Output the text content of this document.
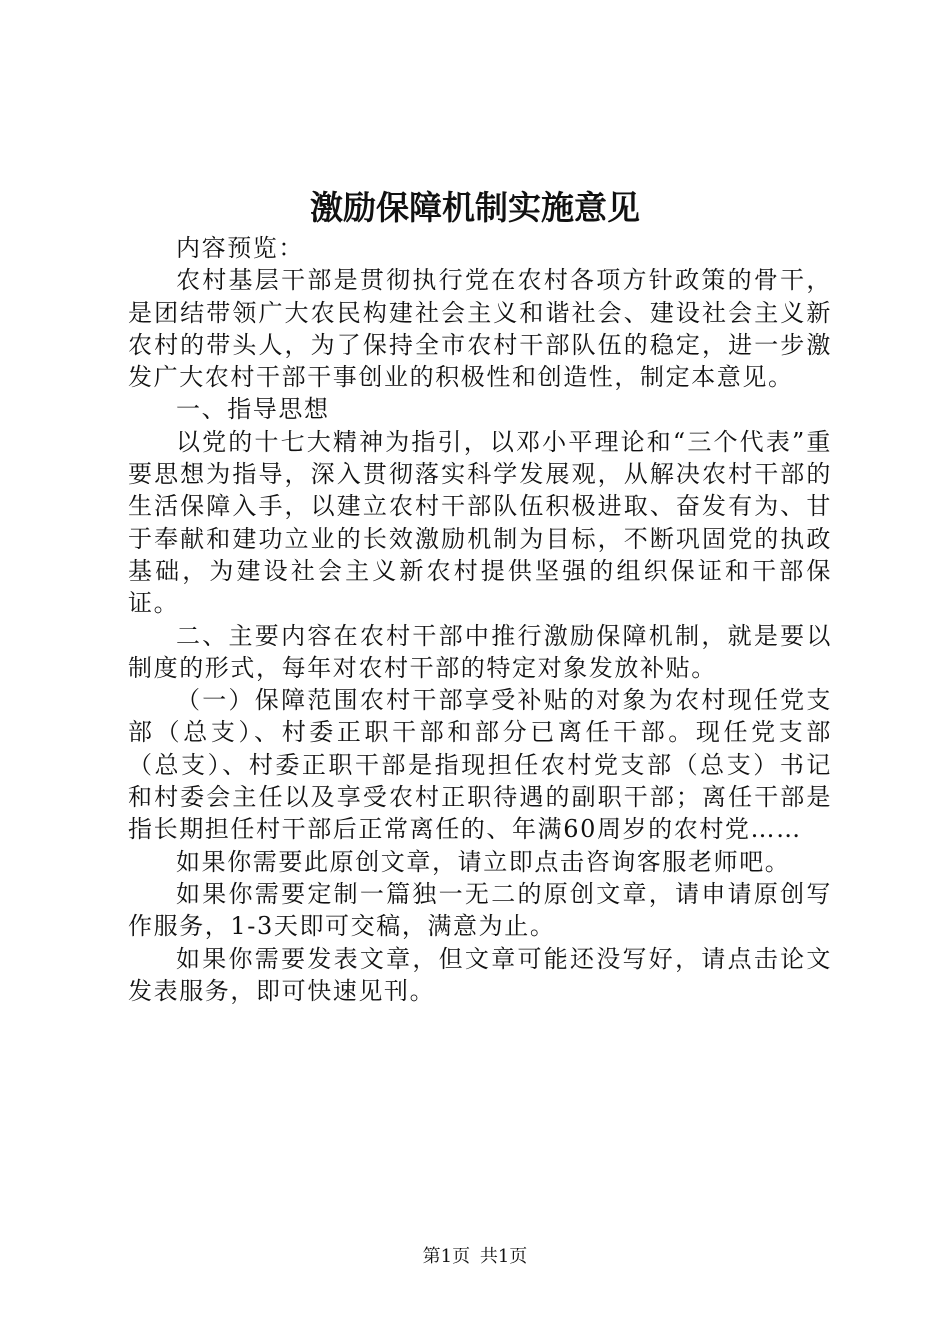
激励保障机制实施意见

内容预览：

农村基层干部是贯彻执行党在农村各项方针政策的骨干，是团结带领广大农民构建社会主义和谐社会、建设社会主义新农村的带头人，为了保持全市农村干部队伍的稳定，进一步激发广大农村干部干事创业的积极性和创造性，制定本意见。

一、指导思想

以党的十七大精神为指引，以邓小平理论和“三个代表”重要思想为指导，深入贯彻落实科学发展观，从解决农村干部的生活保障入手，以建立农村干部队伍积极进取、奋发有为、甘于奉献和建功立业的长效激励机制为目标，不断巩固党的执政基础，为建设社会主义新农村提供坚强的组织保证和干部保证。

二、主要内容在农村干部中推行激励保障机制，就是要以制度的形式，每年对农村干部的特定对象发放补贴。

（一）保障范围农村干部享受补贴的对象为农村现任党支部（总支）、村委正职干部和部分已离任干部。现任党支部（总支）、村委正职干部是指现担任农村党支部（总支）书记和村委会主任以及享受农村正职待遇的副职干部；离任干部是指长期担任村干部后正常离任的、年满60周岁的农村党……

如果你需要此原创文章，请立即点击咨询客服老师吧。

如果你需要定制一篇独一无二的原创文章，请申请原创写作服务，1-3天即可交稿，满意为止。

如果你需要发表文章，但文章可能还没写好，请点击论文发表服务，即可快速见刊。

第1页 共1页
